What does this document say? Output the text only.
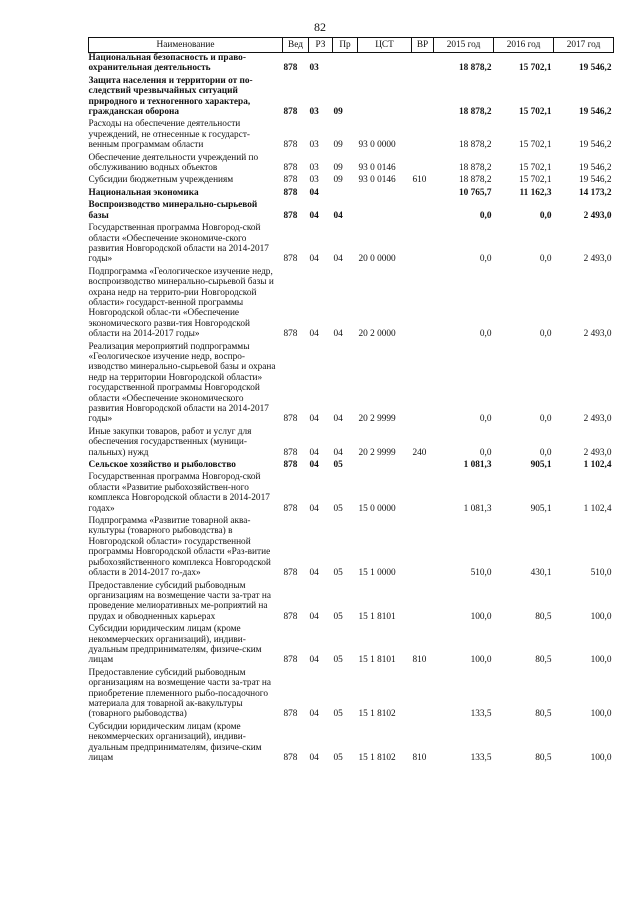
82
Наименование	Вед	РЗ	Пр	ЦСТ	ВР	2015 год	2016 год	2017 год
Национальная безопасность и право-охранительная деятельность	878	03				18 878,2	15 702,1	19 546,2
Защита населения и территории от по-следствий чрезвычайных ситуаций природного и техногенного характера, гражданская оборона	878	03	09			18 878,2	15 702,1	19 546,2
Расходы на обеспечение деятельности учреждений, не отнесенные к государст-венным программам области	878	03	09	93 0 0000		18 878,2	15 702,1	19 546,2
Обеспечение деятельности учреждений по обслуживанию водных объектов	878	03	09	93 0 0146		18 878,2	15 702,1	19 546,2
Субсидии бюджетным учреждениям	878	03	09	93 0 0146	610	18 878,2	15 702,1	19 546,2
Национальная экономика	878	04				10 765,7	11 162,3	14 173,2
Воспроизводство минерально-сырьевой базы	878	04	04			0,0	0,0	2 493,0
Государственная программа Новгород-ской области «Обеспечение экономиче-ского развития Новгородской области на 2014-2017 годы»	878	04	04	20 0 0000		0,0	0,0	2 493,0
Подпрограмма «Геологическое изучение недр, воспроизводство минерально-сырьевой базы и охрана недр на террито-рии Новгородской области» государст-венной программы Новгородской облас-ти «Обеспечение экономического разви-тия Новгородской области на 2014-2017 годы»	878	04	04	20 2 0000		0,0	0,0	2 493,0
Реализация мероприятий подпрограммы «Геологическое изучение недр, воспро-изводство минерально-сырьевой базы и охрана недр на территории Новгородской области» государственной программы Новгородской области «Обеспечение экономического развития Новгородской области на 2014-2017 годы»	878	04	04	20 2 9999		0,0	0,0	2 493,0
Иные закупки товаров, работ и услуг для обеспечения государственных (муници-пальных) нужд	878	04	04	20 2 9999	240	0,0	0,0	2 493,0
Сельское хозяйство и рыболовство	878	04	05			1 081,3	905,1	1 102,4
Государственная программа Новгород-ской области «Развитие рыбохозяйствен-ного комплекса Новгородской области в 2014-2017 годах»	878	04	05	15 0 0000		1 081,3	905,1	1 102,4
Подпрограмма «Развитие товарной аква-культуры (товарного рыбоводства) в Новгородской области» государственной программы Новгородской области «Раз-витие рыбохозяйственного комплекса Новгородской области в 2014-2017 го-дах»	878	04	05	15 1 0000		510,0	430,1	510,0
Предоставление субсидий рыбоводным организациям на возмещение части за-трат на проведение мелиоративных ме-роприятий на прудах и обводненных карьерах	878	04	05	15 1 8101		100,0	80,5	100,0
Субсидии юридическим лицам (кроме некоммерческих организаций), индиви-дуальным предпринимателям, физиче-ским лицам	878	04	05	15 1 8101	810	100,0	80,5	100,0
Предоставление субсидий рыбоводным организациям на возмещение части за-трат на приобретение племенного рыбо-посадочного материала для товарной ак-вакультуры (товарного рыбоводства)	878	04	05	15 1 8102		133,5	80,5	100,0
Субсидии юридическим лицам (кроме некоммерческих организаций), индиви-дуальным предпринимателям, физиче-ским лицам	878	04	05	15 1 8102	810	133,5	80,5	100,0
